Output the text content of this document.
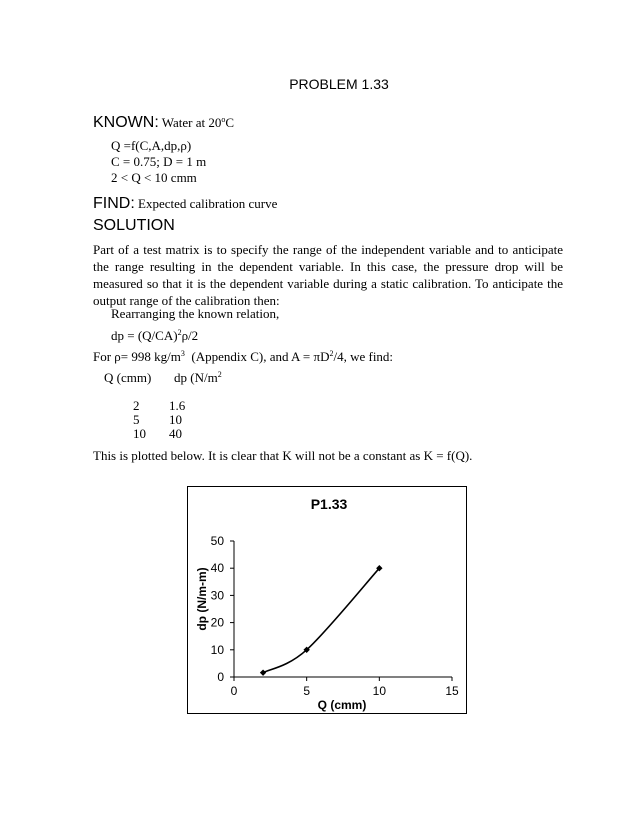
PROBLEM 1.33
KNOWN: Water at 20$^o$C
Q =f(C,A,dp,ρ)
C = 0.75; D = 1 m
2 < Q < 10 cmm
FIND: Expected calibration curve
SOLUTION
Part of a test matrix is to specify the range of the independent variable and to anticipate the range resulting in the dependent variable. In this case, the pressure drop will be measured so that it is the dependent variable during a static calibration. To anticipate the output range of the calibration then:
Rearranging the known relation,
dp = $(Q/CA)^2\rho/2$
For ρ= 998 $kg/m^3$  (Appendix C), and $A = \pi D^2/4$, we find:
Q (cmm) dp ($N/m^2$
2 1.6
5 10
10 40
This is plotted below. It is clear that K will not be a constant as K = f(Q).
P1.33
dp (N/m-m)
Q (cmm)
0
10
20
30
40
50
0	5	10	15
